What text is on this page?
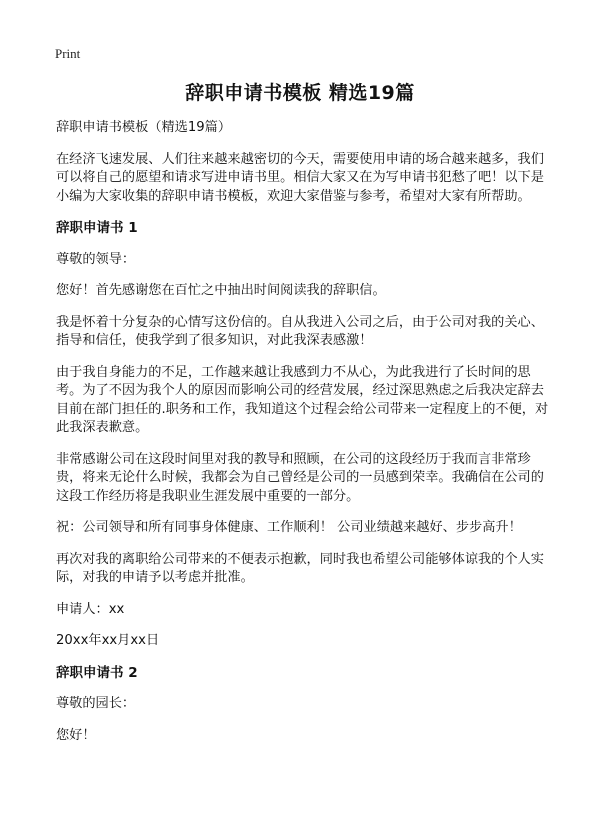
Print
辞职申请书模板 精选19篇

辞职申请书模板（精选19篇）

在经济飞速发展、人们往来越来越密切的今天，需要使用申请的场合越来越多，我们可以将自己的愿望和请求写进申请书里。相信大家又在为写申请书犯愁了吧！以下是小编为大家收集的辞职申请书模板，欢迎大家借鉴与参考，希望对大家有所帮助。

辞职申请书 1

尊敬的领导：

您好！首先感谢您在百忙之中抽出时间阅读我的辞职信。

我是怀着十分复杂的心情写这份信的。自从我进入公司之后，由于公司对我的关心、指导和信任，使我学到了很多知识，对此我深表感激！

由于我自身能力的不足，工作越来越让我感到力不从心，为此我进行了长时间的思考。为了不因为我个人的原因而影响公司的经营发展，经过深思熟虑之后我决定辞去目前在部门担任的.职务和工作，我知道这个过程会给公司带来一定程度上的不便，对此我深表歉意。

非常感谢公司在这段时间里对我的教导和照顾，在公司的这段经历于我而言非常珍贵，将来无论什么时候，我都会为自己曾经是公司的一员感到荣幸。我确信在公司的这段工作经历将是我职业生涯发展中重要的一部分。

祝：公司领导和所有同事身体健康、工作顺利！ 公司业绩越来越好、步步高升！

再次对我的离职给公司带来的不便表示抱歉，同时我也希望公司能够体谅我的个人实际，对我的申请予以考虑并批准。

申请人：xx

20xx年xx月xx日

辞职申请书 2

尊敬的园长：

您好！
